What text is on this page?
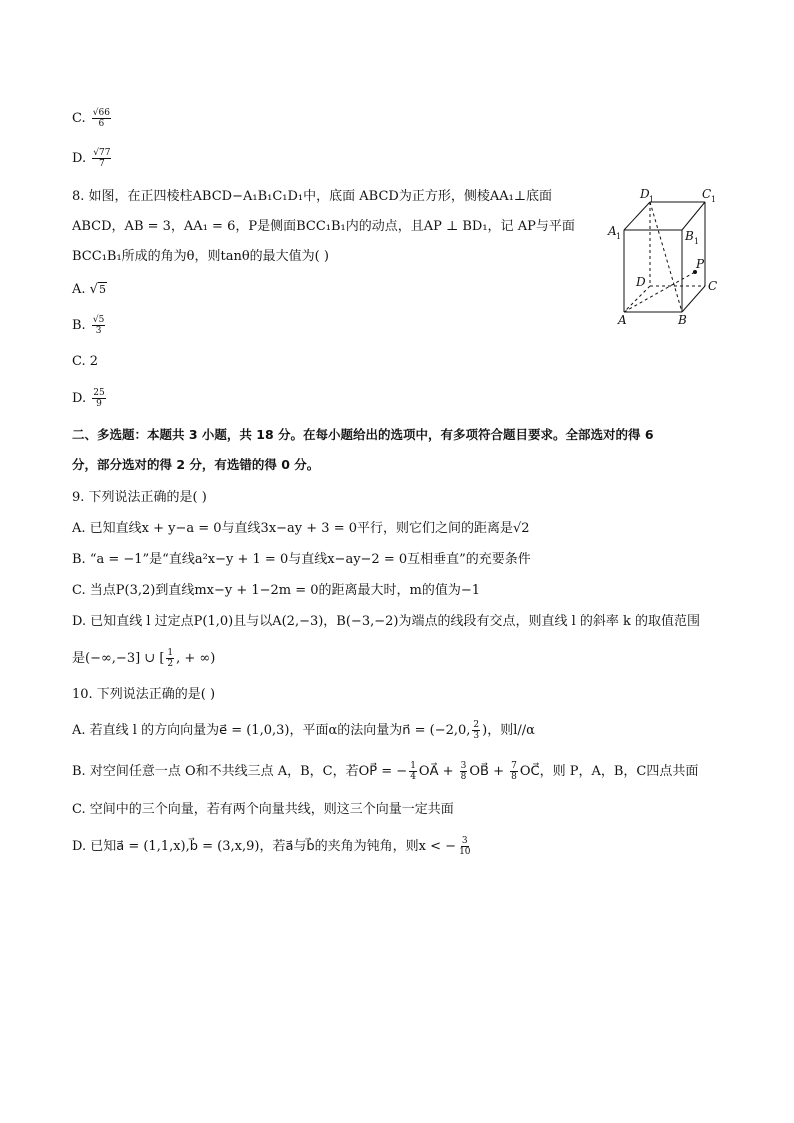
C. $\frac{√66}{6}$
D. $\frac{√77}{7}$
8. 如图，在正四棱柱ABCD−A₁B₁C₁D₁中，底面 ABCD为正方形，侧棱AA₁⊥底面
ABCD，AB = 3，AA₁ = 6，P是侧面BCC₁B₁内的动点，且AP ⊥ BD₁，记 AP与平面
BCC₁B₁所成的角为θ，则tanθ的最大值为( )
A. √5
B. $\frac{√5}{3}$
C. 2
D. $\frac{25}{9}$
D 1	C 1
A 1	B 1
D	C
A	B
P
二、多选题：本题共 3 小题，共 18 分。在每小题给出的选项中，有多项符合题目要求。全部选对的得 6
分，部分选对的得 2 分，有选错的得 0 分。
9. 下列说法正确的是( )
A. 已知直线x + y−a = 0与直线3x−ay + 3 = 0平行，则它们之间的距离是√2
B. “a = −1”是“直线a²x−y + 1 = 0与直线x−ay−2 = 0互相垂直”的充要条件
C. 当点P(3,2)到直线mx−y + 1−2m = 0的距离最大时，m的值为−1
D. 已知直线 l 过定点P(1,0)且与以A(2,−3)，B(−3,−2)为端点的线段有交点，则直线 l 的斜率 k 的取值范围
是(−∞,−3] ∪ [ $\frac{1}{2}$ , + ∞)
10. 下列说法正确的是( )
A. 若直线 l 的方向向量为e⃗ = (1,0,3)，平面α的法向量为n⃗ = (−2,0, $\frac{2}{3}$ )，则l//α
B. 对空间任意一点 O和不共线三点 A，B，C，若OP⃗ = − $\frac{1}{4}$ OA⃗ + $\frac{3}{8}$ OB⃗ + $\frac{7}{8}$ OC⃗，则 P，A，B，C四点共面
C. 空间中的三个向量，若有两个向量共线，则这三个向量一定共面
D. 已知a⃗ = (1,1,x),b⃗ = (3,x,9)，若a⃗与b⃗的夹角为钝角，则x < − $\frac{3}{10}$
